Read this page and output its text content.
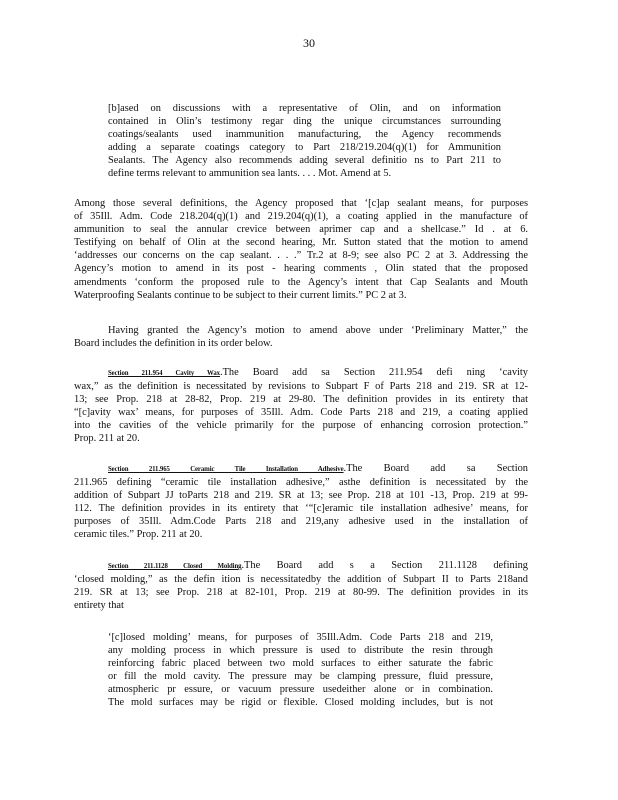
30
[b]ased on discussions with a representative of Olin, and on information
contained in Olin’s testimony regar ding the unique circumstances surrounding
coatings/sealants used inammunition manufacturing, the Agency recommends
adding a separate coatings category to Part 218/219.204(q)(1) for Ammunition
Sealants. The Agency also recommends adding several definitio ns to Part 211 to
define terms relevant to ammunition sea lants. . . . Mot. Amend at 5.
Among those several definitions, the Agency proposed that ‘[c]ap sealant means, for purposes
of 35Ill. Adm. Code 218.204(q)(1) and 219.204(q)(1), a coating applied in the manufacture of
ammunition to seal the annular crevice between aprimer cap and a shellcase.” Id . at 6.
Testifying on behalf of Olin at the second hearing, Mr. Sutton stated that the motion to amend
‘addresses our concerns on the cap sealant. . . .” Tr.2 at 8-9; see also PC 2 at 3. Addressing the
Agency’s motion to amend in its post - hearing comments , Olin stated that the proposed
amendments ‘conform the proposed rule to the Agency’s intent that Cap Sealants and Mouth
Waterproofing Sealants continue to be subject to their current limits.” PC 2 at 3.
Having granted the Agency’s motion to amend above under ‘Preliminary Matter,” the
Board includes the definition in its order below.
Section 211.954 Cavity Wax.The Board add sa Section 211.954 defi ning ‘cavity
wax,” as the definition is necessitated by revisions to Subpart F of Parts 218 and 219. SR at 12-
13; see Prop. 218 at 28-82, Prop. 219 at 29-80. The definition provides in its entirety that
“[c]avity wax’ means, for purposes of 35Ill. Adm. Code Parts 218 and 219, a coating applied
into the cavities of the vehicle primarily for the purpose of enhancing corrosion protection.”
Prop. 211 at 20.
Section 211.965 Ceramic Tile Installation Adhesive.The Board add sa Section
211.965 defining “ceramic tile installation adhesive,” asthe definition is necessitated by the
addition of Subpart JJ toParts 218 and 219. SR at 13; see Prop. 218 at 101 -13, Prop. 219 at 99-
112. The definition provides in its entirety that ‘“[c]eramic tile installation adhesive’ means, for
purposes of 35Ill. Adm.Code Parts 218 and 219,any adhesive used in the installation of
ceramic tiles.” Prop. 211 at 20.
Section 211.1128 Closed Molding.The Board add s a Section 211.1128 defining
‘closed molding,” as the defin ition is necessitatedby the addition of Subpart II to Parts 218and
219. SR at 13; see Prop. 218 at 82-101, Prop. 219 at 80-99. The definition provides in its
entirety that
‘[c]losed molding’ means, for purposes of 35Ill.Adm. Code Parts 218 and 219,
any molding process in which pressure is used to distribute the resin through
reinforcing fabric placed between two mold surfaces to either saturate the fabric
or fill the mold cavity. The pressure may be clamping pressure, fluid pressure,
atmospheric pr essure, or vacuum pressure usedeither alone or in combination.
The mold surfaces may be rigid or flexible. Closed molding includes, but is not
